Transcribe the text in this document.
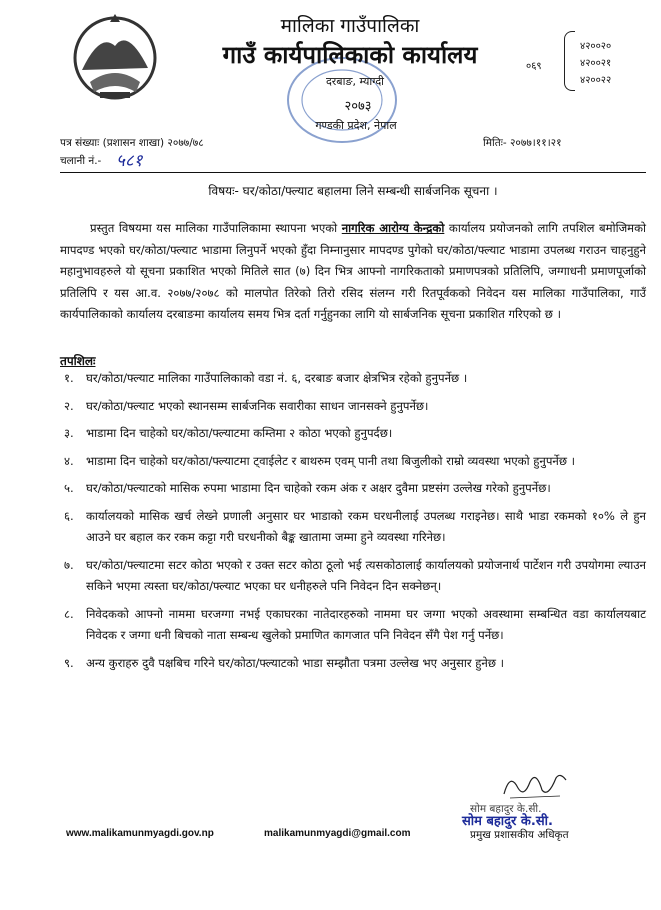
मालिका गाउँपालिका
गाउँ कार्यपालिकाको कार्यालय
दरबाङ, म्याग्दी
२०७३
गण्डकी प्रदेश, नेपाल
०६९
४२००२०
४२००२१
४२००२२
पत्र संख्याः (प्रशासन शाखा) २०७७/७८
चलानी नं.- ५८१
मितिः- २०७७।११।२१
विषयः- घर/कोठा/फ्ल्याट बहालमा लिने सम्बन्धी सार्बजनिक सूचना ।

प्रस्तुत विषयमा यस मालिका गाउँपालिकामा स्थापना भएको नागरिक आरोग्य केन्द्रको कार्यालय प्रयोजनको लागि तपशिल बमोजिमको मापदण्ड भएको घर/कोठा/फ्ल्याट भाडामा लिनुपर्ने भएकाे हुँदा निम्नानुसार मापदण्ड पुगेको घर/कोठा/फ्ल्याट भाडामा उपलब्ध गराउन चाहनुहुने महानुभावहरुले यो सूचना प्रकाशित भएको मितिले सात (७) दिन भित्र आफ्नो नागरिकताको प्रमाणपत्रको प्रतिलिपि, जग्गाधनी प्रमाणपूर्जाको प्रतिलिपि र यस आ.व. २०७७/२०७८ को मालपोत तिरेको तिरो रसिद संलग्न गरी रितपूर्वकको निवेदन यस मालिका गाउँपालिका, गाउँ कार्यपालिकाको कार्यालय दरबाङमा कार्यालय समय भित्र दर्ता गर्नुहुनका लागि यो सार्बजनिक सूचना प्रकाशित गरिएको छ ।

तपशिलः
१. घर/कोठा/फ्ल्याट मालिका गाउँपालिकाको वडा नं. ६, दरबाङ बजार क्षेत्रभित्र रहेको हुनुपर्नेछ ।
२. घर/कोठा/फ्ल्याट भएको स्थानसम्म सार्बजनिक सवारीका साधन जानसक्ने हुनुपर्नेछ।
३. भाडामा दिन चाहेको घर/कोठा/फ्ल्याटमा कम्तिमा २ कोठा भएको हुनुपर्दछ।
४. भाडामा दिन चाहेको घर/कोठा/फ्ल्याटमा ट्वाईलेट र बाथरुम एवम् पानी तथा बिजुलीको राम्रो व्यवस्था भएको हुनुपर्नेछ ।
५. घर/कोठा/फ्ल्याटको मासिक रुपमा भाडामा दिन चाहेको रकम अंक र अक्षर दुवैमा प्रष्टसंग उल्लेख गरेको हुनुपर्नेछ।
६. कार्यालयको मासिक खर्च लेख्ने प्रणाली अनुसार घर भाडाको रकम घरधनीलाई उपलब्ध गराइनेछ। साथै भाडा रकमको १०% ले हुन आउने घर बहाल कर रकम कट्टा गरी घरधनीको बैङ्क खातामा जम्मा हुने व्यवस्था गरिनेछ।
७. घर/कोठा/फ्ल्याटमा सटर कोठा भएको र उक्त सटर कोठा ठूलो भई त्यसकोठालाई कार्यालयको प्रयोजनार्थ पार्टेशन गरी उपयोगमा ल्याउन सकिने भएमा त्यस्ता घर/कोठा/फ्ल्याट भएका घर धनीहरुले पनि निवेदन दिन सक्नेछन्।
८. निवेदकको आफ्नो नाममा घरजग्गा नभई एकाघरका नातेदारहरुको नाममा घर जग्गा भएको अवस्थामा सम्बन्धित वडा कार्यालयबाट निवेदक र जग्गा धनी बिचको नाता सम्बन्ध खुलेको प्रमाणित कागजात पनि निवेदन सँगै पेश गर्नु पर्नेछ।
९. अन्य कुराहरु दुवै पक्षबिच गरिने घर/कोठा/फ्ल्याटको भाडा सम्झौता पत्रमा उल्लेख भए अनुसार हुनेछ ।
सोम बहादुर के.सी.
सोम बहादुर के.सी.
प्रमुख प्रशासकीय अधिकृत
www.malikamunmyagdi.gov.np	malikamunmyagdi@gmail.com
